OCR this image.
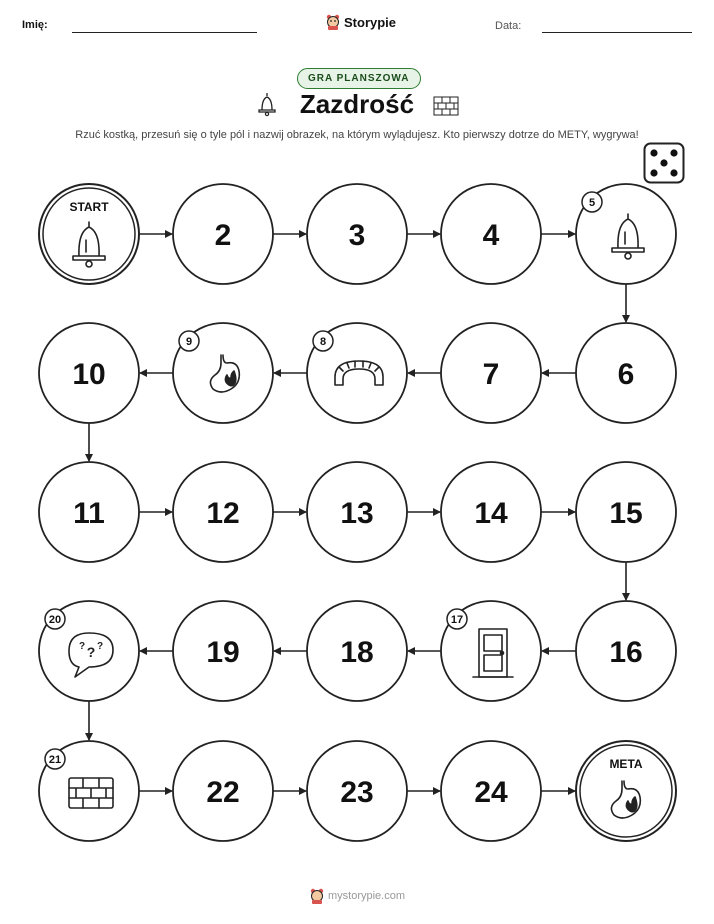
Imię:	Storypie	Data:
GRA PLANSZOWA
Zazdrość
Rzuć kostką, przesuń się o tyle pól i nazwij obrazek, na którym wylądujesz. Kto pierwszy dotrze do METY, wygrywa!
START
2	3	4
5
6
7
8
9
10
11	12	13	14	15
16
17
18
19
?
? ?
20
21
22	23	24
META
mystorypie.com
